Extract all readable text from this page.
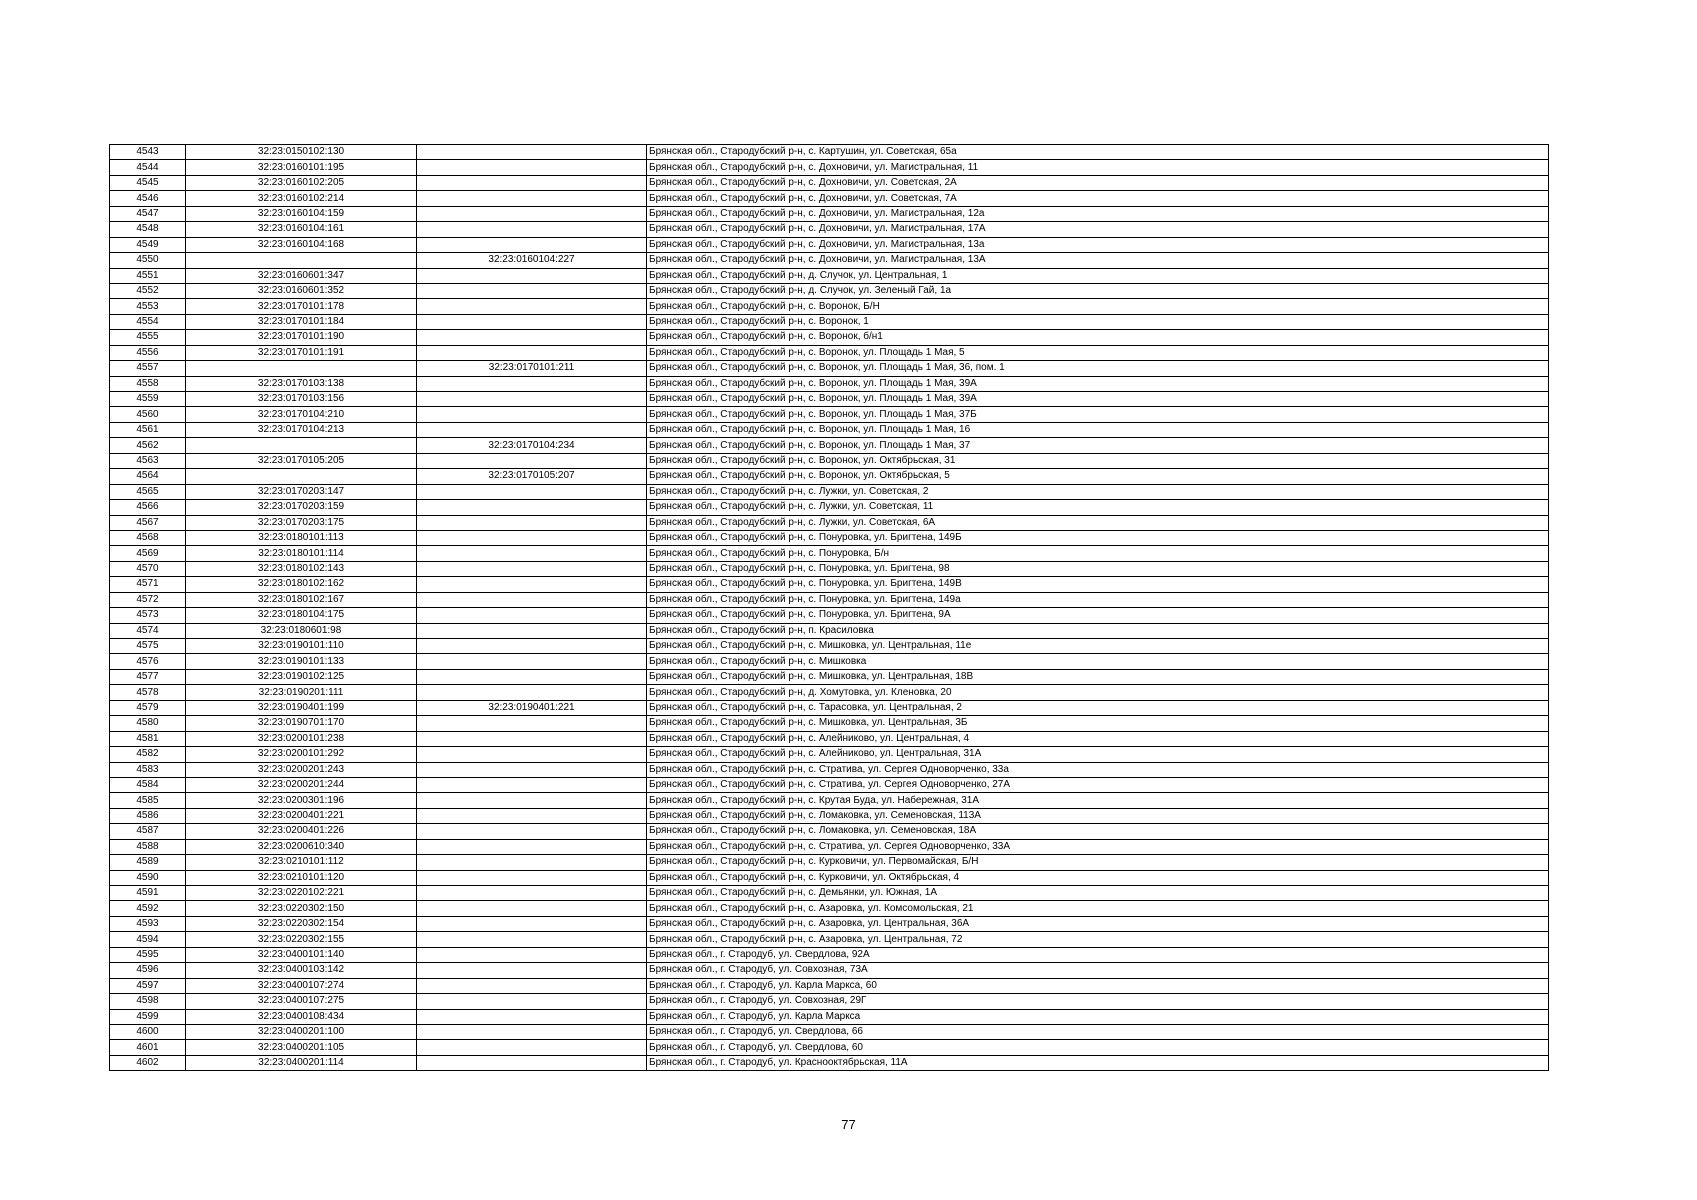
4543	32:23:0150102:130		Брянская обл., Стародубский р-н, с. Картушин, ул. Советская, 65а
4544	32:23:0160101:195		Брянская обл., Стародубский р-н, с. Дохновичи, ул. Магистральная, 11
4545	32:23:0160102:205		Брянская обл., Стародубский р-н, с. Дохновичи, ул. Советская, 2А
4546	32:23:0160102:214		Брянская обл., Стародубский р-н, с. Дохновичи, ул. Советская, 7А
4547	32:23:0160104:159		Брянская обл., Стародубский р-н, с. Дохновичи, ул. Магистральная, 12а
4548	32:23:0160104:161		Брянская обл., Стародубский р-н, с. Дохновичи, ул. Магистральная, 17А
4549	32:23:0160104:168		Брянская обл., Стародубский р-н, с. Дохновичи, ул. Магистральная, 13а
4550		32:23:0160104:227	Брянская обл., Стародубский р-н, с. Дохновичи, ул. Магистральная, 13А
4551	32:23:0160601:347		Брянская обл., Стародубский р-н, д. Случок, ул. Центральная, 1
4552	32:23:0160601:352		Брянская обл., Стародубский р-н, д. Случок, ул. Зеленый Гай, 1а
4553	32:23:0170101:178		Брянская обл., Стародубский р-н, с. Воронок, Б/Н
4554	32:23:0170101:184		Брянская обл., Стародубский р-н, с. Воронок, 1
4555	32:23:0170101:190		Брянская обл., Стародубский р-н, с. Воронок, б/н1
4556	32:23:0170101:191		Брянская обл., Стародубский р-н, с. Воронок, ул. Площадь 1 Мая, 5
4557		32:23:0170101:211	Брянская обл., Стародубский р-н, с. Воронок, ул. Площадь 1 Мая, 36, пом. 1
4558	32:23:0170103:138		Брянская обл., Стародубский р-н, с. Воронок, ул. Площадь 1 Мая, 39А
4559	32:23:0170103:156		Брянская обл., Стародубский р-н, с. Воронок, ул. Площадь 1 Мая, 39А
4560	32:23:0170104:210		Брянская обл., Стародубский р-н, с. Воронок, ул. Площадь 1 Мая, 37Б
4561	32:23:0170104:213		Брянская обл., Стародубский р-н, с. Воронок, ул. Площадь 1 Мая, 16
4562		32:23:0170104:234	Брянская обл., Стародубский р-н, с. Воронок, ул. Площадь 1 Мая, 37
4563	32:23:0170105:205		Брянская обл., Стародубский р-н, с. Воронок, ул. Октябрьская, 31
4564		32:23:0170105:207	Брянская обл., Стародубский р-н, с. Воронок, ул. Октябрьская, 5
4565	32:23:0170203:147		Брянская обл., Стародубский р-н, с. Лужки, ул. Советская, 2
4566	32:23:0170203:159		Брянская обл., Стародубский р-н, с. Лужки, ул. Советская, 11
4567	32:23:0170203:175		Брянская обл., Стародубский р-н, с. Лужки, ул. Советская, 6А
4568	32:23:0180101:113		Брянская обл., Стародубский р-н, с. Понуровка, ул. Бригтена, 149Б
4569	32:23:0180101:114		Брянская обл., Стародубский р-н, с. Понуровка, Б/н
4570	32:23:0180102:143		Брянская обл., Стародубский р-н, с. Понуровка, ул. Бригтена, 98
4571	32:23:0180102:162		Брянская обл., Стародубский р-н, с. Понуровка, ул. Бригтена, 149В
4572	32:23:0180102:167		Брянская обл., Стародубский р-н, с. Понуровка, ул. Бригтена, 149а
4573	32:23:0180104:175		Брянская обл., Стародубский р-н, с. Понуровка, ул. Бригтена, 9А
4574	32:23:0180601:98		Брянская обл., Стародубский р-н, п. Красиловка
4575	32:23:0190101:110		Брянская обл., Стародубский р-н, с. Мишковка, ул. Центральная, 11е
4576	32:23:0190101:133		Брянская обл., Стародубский р-н, с. Мишковка
4577	32:23:0190102:125		Брянская обл., Стародубский р-н, с. Мишковка, ул. Центральная, 18В
4578	32:23:0190201:111		Брянская обл., Стародубский р-н, д. Хомутовка, ул. Кленовка, 20
4579	32:23:0190401:199	32:23:0190401:221	Брянская обл., Стародубский р-н, с. Тарасовка, ул. Центральная, 2
4580	32:23:0190701:170		Брянская обл., Стародубский р-н, с. Мишковка, ул. Центральная, 3Б
4581	32:23:0200101:238		Брянская обл., Стародубский р-н, с. Алейниково, ул. Центральная, 4
4582	32:23:0200101:292		Брянская обл., Стародубский р-н, с. Алейниково, ул. Центральная, 31А
4583	32:23:0200201:243		Брянская обл., Стародубский р-н, с. Стратива, ул. Сергея Одноворченко, 33а
4584	32:23:0200201:244		Брянская обл., Стародубский р-н, с. Стратива, ул. Сергея Одноворченко, 27А
4585	32:23:0200301:196		Брянская обл., Стародубский р-н, с. Крутая Буда, ул. Набережная, 31А
4586	32:23:0200401:221		Брянская обл., Стародубский р-н, с. Ломаковка, ул. Семеновская, 113А
4587	32:23:0200401:226		Брянская обл., Стародубский р-н, с. Ломаковка, ул. Семеновская, 18А
4588	32:23:0200610:340		Брянская обл., Стародубский р-н, с. Стратива, ул. Сергея Одноворченко, 33А
4589	32:23:0210101:112		Брянская обл., Стародубский р-н, с. Курковичи, ул. Первомайская, Б/Н
4590	32:23:0210101:120		Брянская обл., Стародубский р-н, с. Курковичи, ул. Октябрьская, 4
4591	32:23:0220102:221		Брянская обл., Стародубский р-н, с. Демьянки, ул. Южная, 1А
4592	32:23:0220302:150		Брянская обл., Стародубский р-н, с. Азаровка, ул. Комсомольская, 21
4593	32:23:0220302:154		Брянская обл., Стародубский р-н, с. Азаровка, ул. Центральная, 36А
4594	32:23:0220302:155		Брянская обл., Стародубский р-н, с. Азаровка, ул. Центральная, 72
4595	32:23:0400101:140		Брянская обл., г. Стародуб, ул. Свердлова, 92А
4596	32:23:0400103:142		Брянская обл., г. Стародуб, ул. Совхозная, 73А
4597	32:23:0400107:274		Брянская обл., г. Стародуб, ул. Карла Маркса, 60
4598	32:23:0400107:275		Брянская обл., г. Стародуб, ул. Совхозная, 29Г
4599	32:23:0400108:434		Брянская обл., г. Стародуб, ул. Карла Маркса
4600	32:23:0400201:100		Брянская обл., г. Стародуб, ул. Свердлова, 66
4601	32:23:0400201:105		Брянская обл., г. Стародуб, ул. Свердлова, 60
4602	32:23:0400201:114		Брянская обл., г. Стародуб, ул. Краснооктябрьская, 11А
77
